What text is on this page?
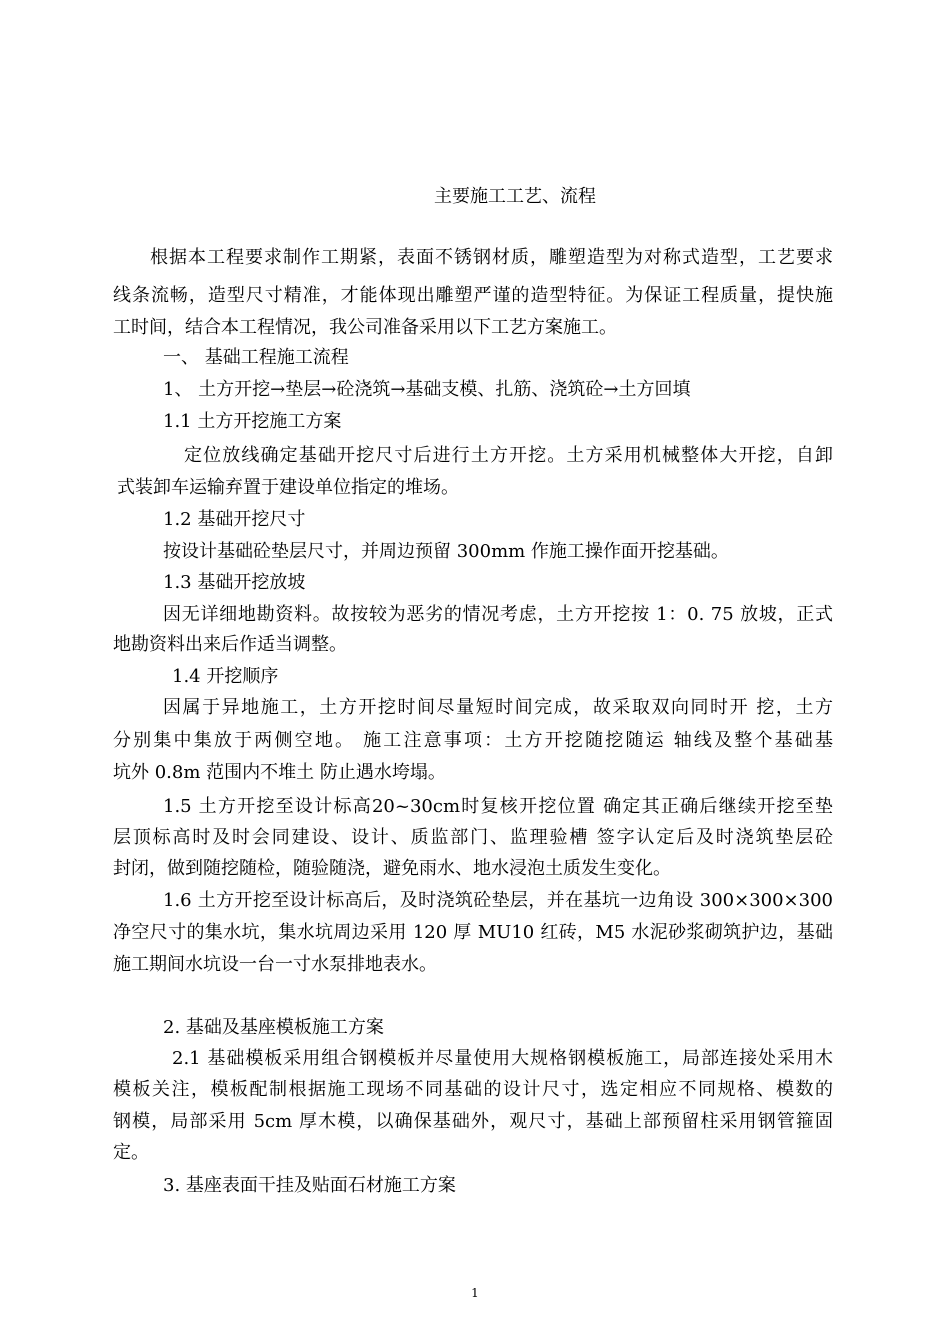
主要施工工艺、流程
根据本工程要求制作工期紧，表面不锈钢材质，雕塑造型为对称式造型，工艺要求
线条流畅，造型尺寸精准，才能体现出雕塑严谨的造型特征。为保证工程质量，提快施
工时间，结合本工程情况，我公司准备采用以下工艺方案施工。
一、 基础工程施工流程
1、 土方开挖→垫层→砼浇筑→基础支模、扎筋、浇筑砼→土方回填
1.1 土方开挖施工方案
定位放线确定基础开挖尺寸后进行土方开挖。土方采用机械整体大开挖，自卸
式装卸车运输弃置于建设单位指定的堆场。
1.2 基础开挖尺寸
按设计基础砼垫层尺寸，并周边预留 300mm 作施工操作面开挖基础。
1.3 基础开挖放坡
因无详细地勘资料。故按较为恶劣的情况考虑，土方开挖按 1：0. 75 放坡，正式
地勘资料出来后作适当调整。
1.4 开挖顺序
因属于异地施工，土方开挖时间尽量短时间完成，故采取双向同时开 挖，土方
分别集中集放于两侧空地。 施工注意事项：土方开挖随挖随运 轴线及整个基础基
坑外 0.8m 范围内不堆土 防止遇水垮塌。
1.5 土方开挖至设计标高20~30cm时复核开挖位置 确定其正确后继续开挖至垫
层顶标高时及时会同建设、设计、质监部门、监理验槽 签字认定后及时浇筑垫层砼
封闭，做到随挖随检，随验随浇，避免雨水、地水浸泡土质发生变化。
1.6 土方开挖至设计标高后，及时浇筑砼垫层，并在基坑一边角设 300×300×300
净空尺寸的集水坑，集水坑周边采用 120 厚 MU10 红砖，M5 水泥砂浆砌筑护边，基础
施工期间水坑设一台一寸水泵排地表水。
2. 基础及基座模板施工方案
2.1 基础模板采用组合钢模板并尽量使用大规格钢模板施工，局部连接处采用木
模板关注，模板配制根据施工现场不同基础的设计尺寸，选定相应不同规格、模数的
钢模，局部采用 5cm 厚木模，以确保基础外，观尺寸，基础上部预留柱采用钢管箍固
定。
3. 基座表面干挂及贴面石材施工方案
1
